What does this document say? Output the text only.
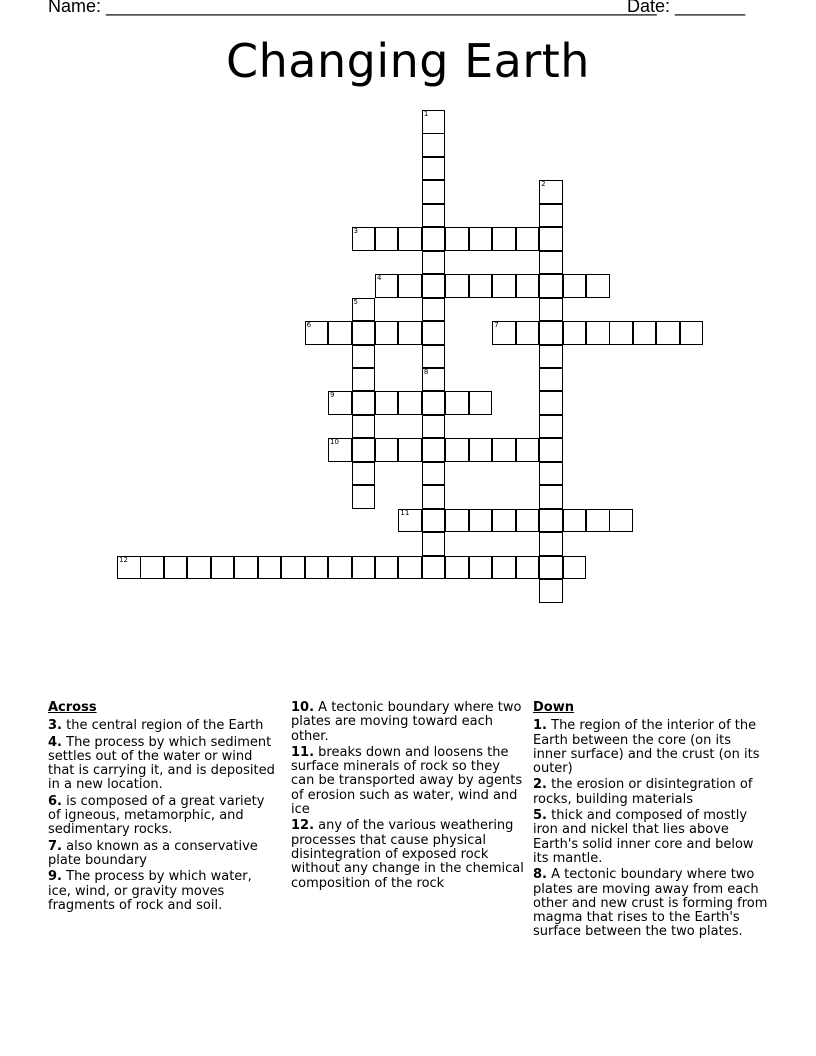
Name: _______________________________________________________
Date: _______
Changing Earth
1
8
2
3
4
5
6	7
9
10
11
12
Across
3. the central region of the Earth
4. The process by which sediment settles out of the water or wind that is carrying it, and is deposited in a new location.
6. is composed of a great variety of igneous, metamorphic, and sedimentary rocks.
7. also known as a conservative plate boundary
9. The process by which water, ice, wind, or gravity moves fragments of rock and soil.
10. A tectonic boundary where two plates are moving toward each other.
11. breaks down and loosens the surface minerals of rock so they can be transported away by agents of erosion such as water, wind and ice
12. any of the various weathering processes that cause physical disintegration of exposed rock without any change in the chemical composition of the rock
Down
1. The region of the interior of the Earth between the core (on its inner surface) and the crust (on its outer)
2. the erosion or disintegration of rocks, building materials
5. thick and composed of mostly iron and nickel that lies above Earth's solid inner core and below its mantle.
8. A tectonic boundary where two plates are moving away from each other and new crust is forming from magma that rises to the Earth's surface between the two plates.
